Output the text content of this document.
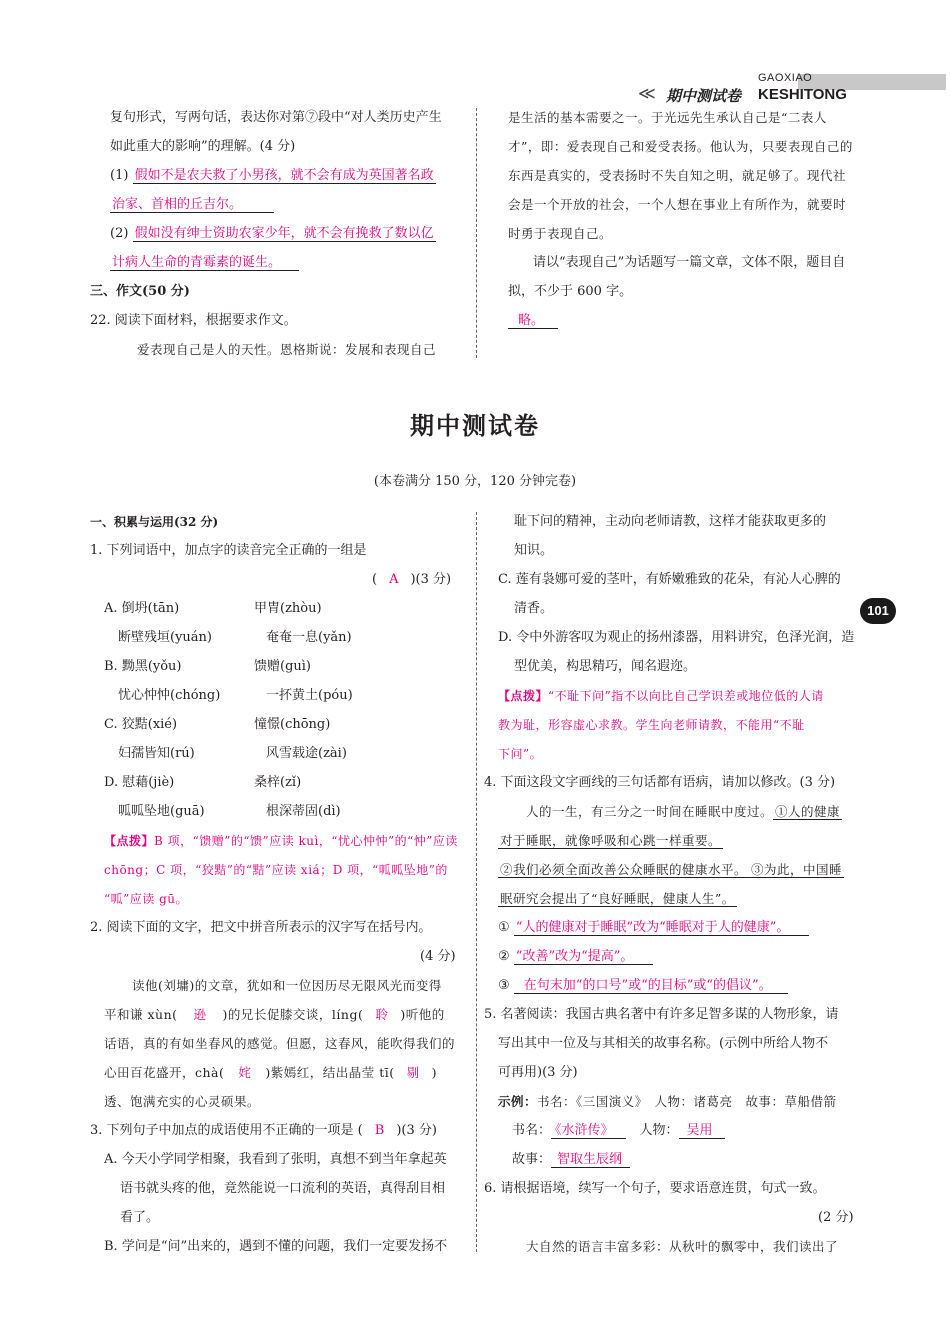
GAOXIAO
≪ 期中测试卷 KESHITONG
101
复句形式，写两句话，表达你对第⑦段中“对人类历史产生
如此重大的影响”的理解。(4 分)
(1) 假如不是农夫救了小男孩，就不会有成为英国著名政
治家、首相的丘吉尔。
(2) 假如没有绅士资助农家少年，就不会有挽救了数以亿
计病人生命的青霉素的诞生。
三、作文(50 分)
22. 阅读下面材料，根据要求作文。
爱表现自己是人的天性。恩格斯说：发展和表现自己
是生活的基本需要之一。于光远先生承认自己是“二表人
才”，即：爱表现自己和爱受表扬。他认为，只要表现自己的
东西是真实的，受表扬时不失自知之明，就足够了。现代社
会是一个开放的社会，一个人想在事业上有所作为，就要时
时勇于表现自己。
请以“表现自己”为话题写一篇文章，文体不限，题目自
拟，不少于 600 字。
略。
期中测试卷
(本卷满分 150 分，120 分钟完卷)
一、积累与运用(32 分)
1. 下列词语中，加点字的读音完全正确的一组是
( A )(3 分)
A. 倒坍(tān)	甲胄(zhòu)
断壁残垣(yuán)	奄奄一息(yǎn)
B. 黝黑(yǒu)	馈赠(guì)
忧心忡忡(chóng)	一抔黄土(póu)
C. 狡黠(xié)	憧憬(chōng)
妇孺皆知(rú)	风雪载途(zài)
D. 慰藉(jiè)	桑梓(zǐ)
呱呱坠地(guā)	根深蒂固(dì)
【点拨】B 项，“馈赠”的“馈”应读 kuì，“忧心忡忡”的“忡”应读
chōng；C 项，“狡黠”的“黠”应读 xiá；D 项，“呱呱坠地”的
“呱”应读 gū。
2. 阅读下面的文字，把文中拼音所表示的汉字写在括号内。
(4 分)
读他(刘墉)的文章，犹如和一位因历尽无限风光而变得
平和谦 xùn( 逊 )的兄长促膝交谈，líng( 聆 )听他的
话语，真的有如坐春风的感觉。但愿，这春风，能吹得我们的
心田百花盛开，chà( 姹 )紫嫣红，结出晶莹 tī( 剔 )
透、饱满充实的心灵硕果。
3. 下列句子中加点的成语使用不正确的一项是 ( B )(3 分)
A. 今天小学同学相聚，我看到了张明，真想不到当年拿起英
语书就头疼的他，竟然能说一口流利的英语，真得刮目相
看了。
B. 学问是“问”出来的，遇到不懂的问题，我们一定要发扬不
耻下问的精神，主动向老师请教，这样才能获取更多的
知识。
C. 莲有袅娜可爱的茎叶，有娇嫩雅致的花朵，有沁人心脾的
清香。
D. 令中外游客叹为观止的扬州漆器，用料讲究，色泽光润，造
型优美，构思精巧，闻名遐迩。
【点拨】“不耻下问”指不以向比自己学识差或地位低的人请
教为耻，形容虚心求教。学生向老师请教，不能用“不耻
下问”。
4. 下面这段文字画线的三句话都有语病，请加以修改。(3 分)
人的一生，有三分之一时间在睡眠中度过。 ①人的健康
对于睡眠，就像呼吸和心跳一样重要。
②我们必须全面改善公众睡眠的健康水平。 ③为此，中国睡
眠研究会提出了“良好睡眠，健康人生”。
① “人的健康对于睡眠”改为“睡眠对于人的健康”。
② “改善”改为“提高”。
③ 在句末加“的口号”或“的目标”或“的倡议”。
5. 名著阅读：我国古典名著中有许多足智多谋的人物形象，请
写出其中一位及与其相关的故事名称。(示例中所给人物不
可再用)(3 分)
示例：书名：《三国演义》　人物：诸葛亮　故事：草船借箭
书名： 《水浒传》 人物： 吴用
故事： 智取生辰纲
6. 请根据语境，续写一个句子，要求语意连贯，句式一致。
(2 分)
大自然的语言丰富多彩：从秋叶的飘零中，我们读出了
